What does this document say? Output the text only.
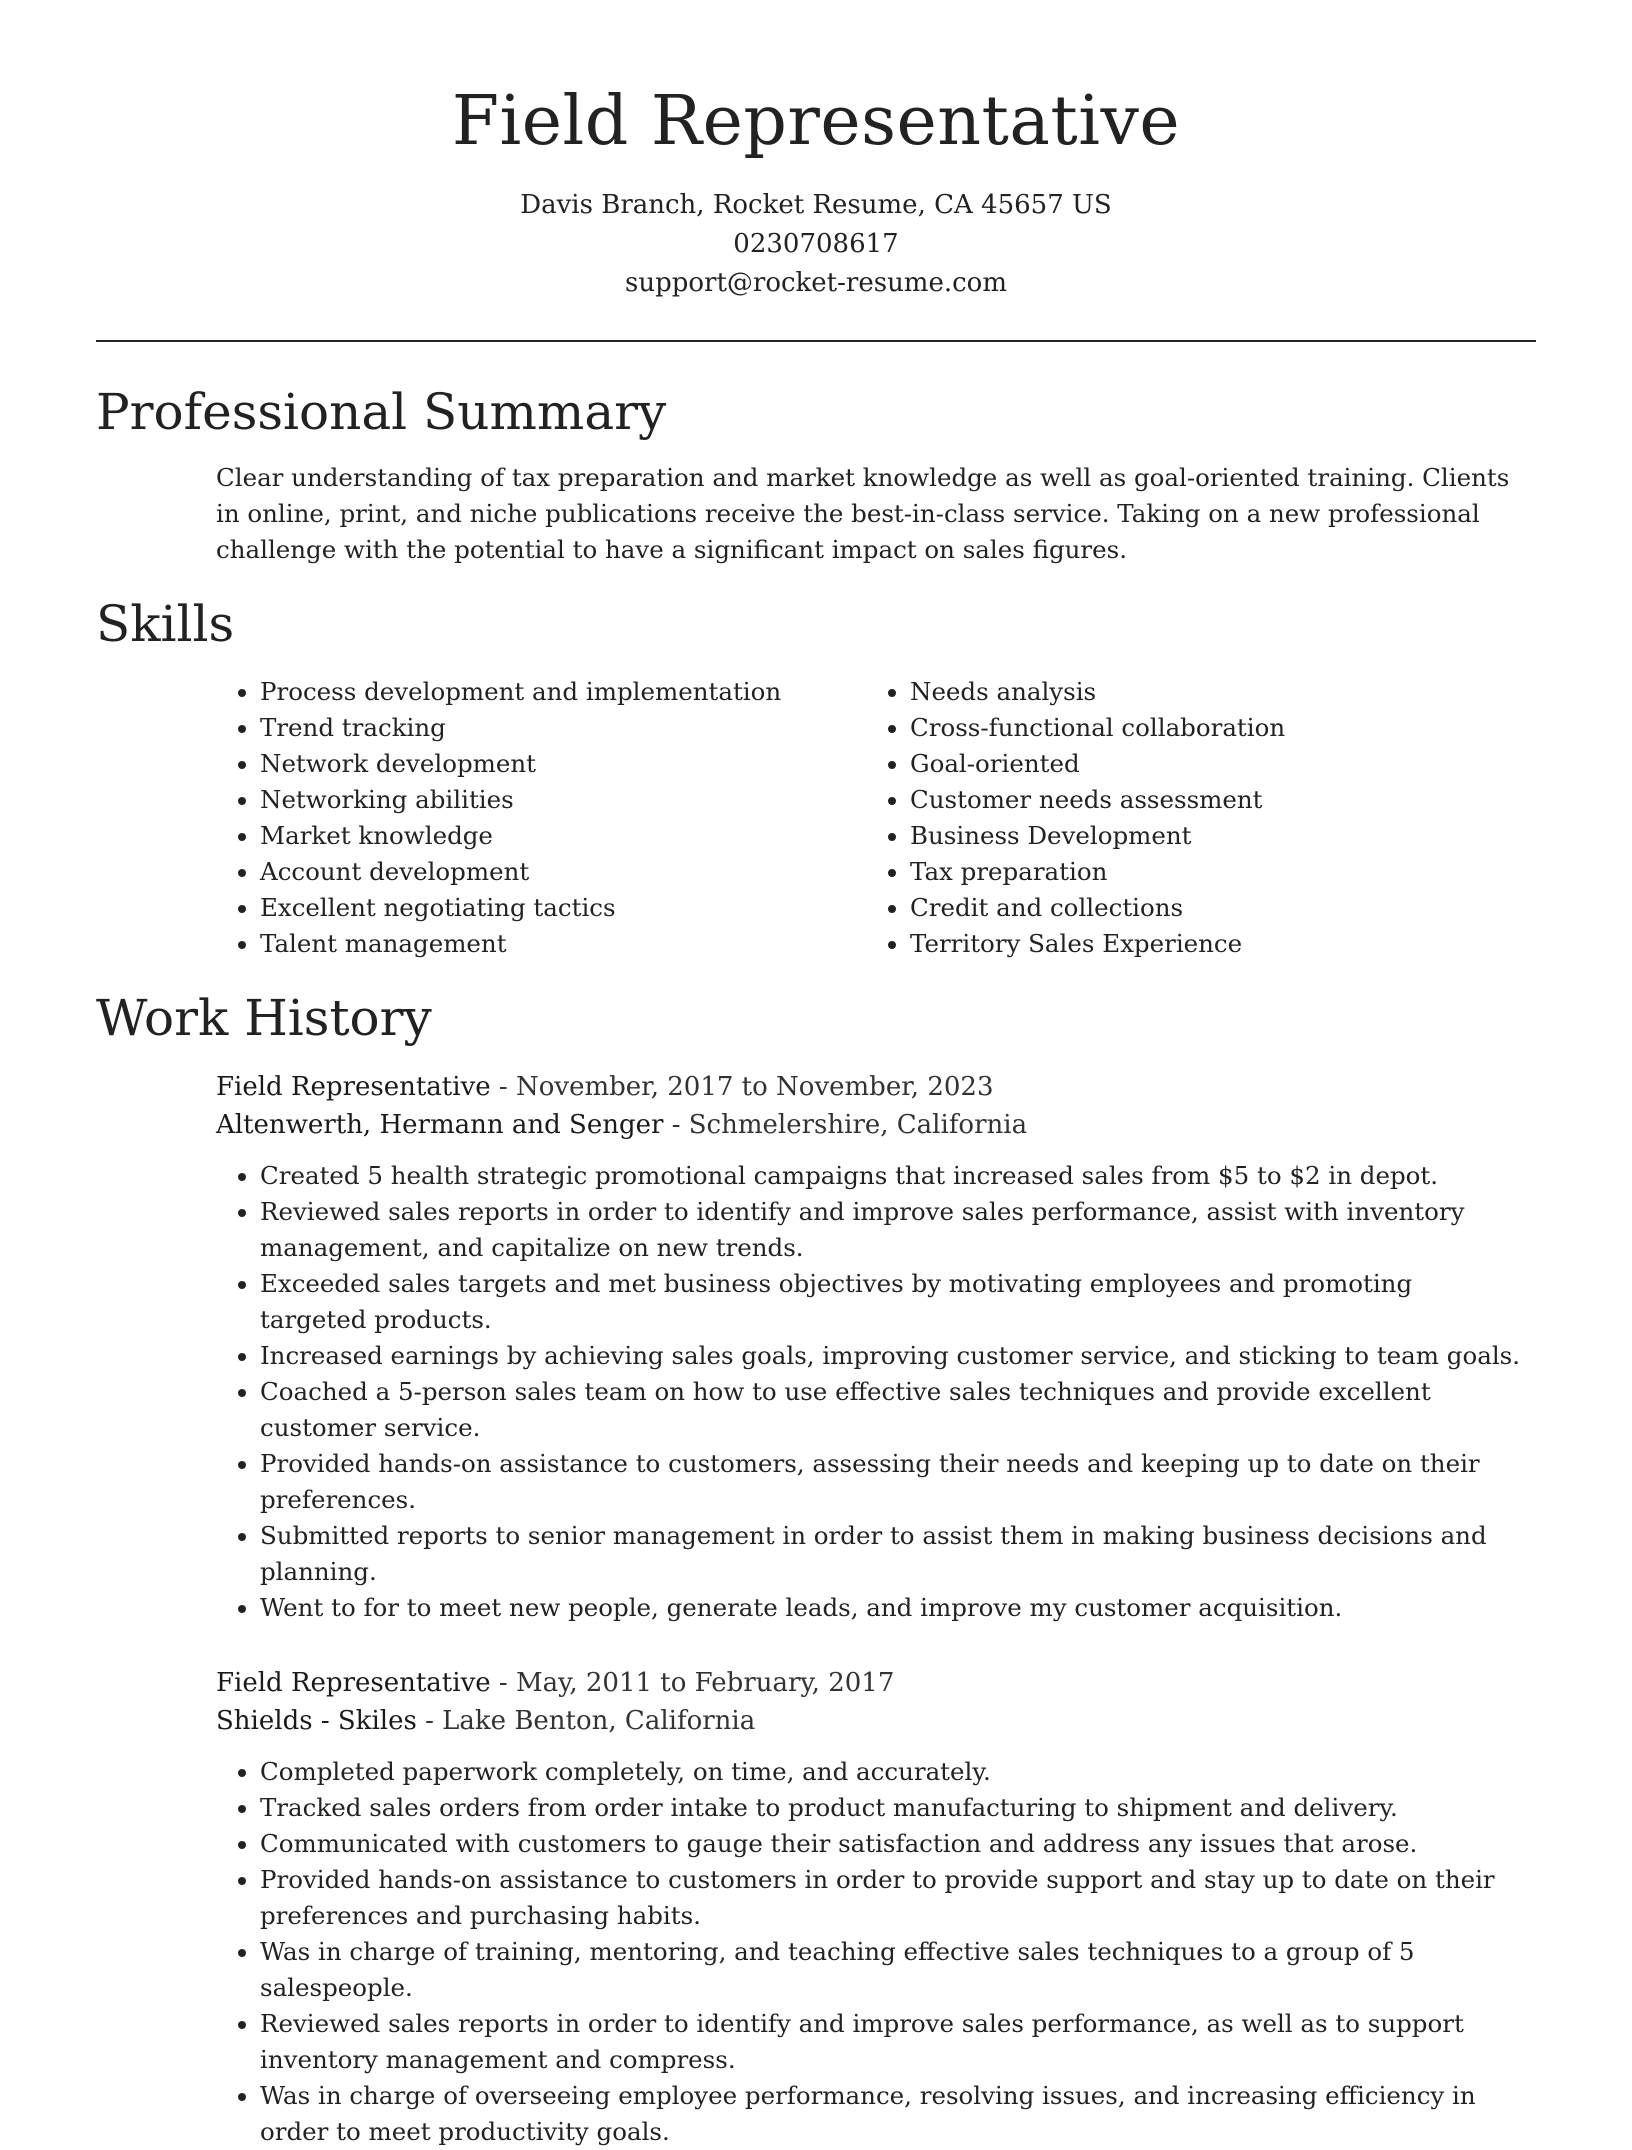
Field Representative
Davis Branch, Rocket Resume, CA 45657 US
0230708617
support@rocket-resume.com
Professional Summary
Clear understanding of tax preparation and market knowledge as well as goal-oriented training. Clients in online, print, and niche publications receive the best-in-class service. Taking on a new professional challenge with the potential to have a significant impact on sales figures.
Skills
• Process development and implementation
• Trend tracking
• Network development
• Networking abilities
• Market knowledge
• Account development
• Excellent negotiating tactics
• Talent management
• Needs analysis
• Cross-functional collaboration
• Goal-oriented
• Customer needs assessment
• Business Development
• Tax preparation
• Credit and collections
• Territory Sales Experience
Work History
Field Representative - November, 2017 to November, 2023
Altenwerth, Hermann and Senger - Schmelershire, California
• Created 5 health strategic promotional campaigns that increased sales from $5 to $2 in depot.
• Reviewed sales reports in order to identify and improve sales performance, assist with inventory management, and capitalize on new trends.
• Exceeded sales targets and met business objectives by motivating employees and promoting targeted products.
• Increased earnings by achieving sales goals, improving customer service, and sticking to team goals.
• Coached a 5-person sales team on how to use effective sales techniques and provide excellent customer service.
• Provided hands-on assistance to customers, assessing their needs and keeping up to date on their preferences.
• Submitted reports to senior management in order to assist them in making business decisions and planning.
• Went to for to meet new people, generate leads, and improve my customer acquisition.
Field Representative - May, 2011 to February, 2017
Shields - Skiles - Lake Benton, California
• Completed paperwork completely, on time, and accurately.
• Tracked sales orders from order intake to product manufacturing to shipment and delivery.
• Communicated with customers to gauge their satisfaction and address any issues that arose.
• Provided hands-on assistance to customers in order to provide support and stay up to date on their preferences and purchasing habits.
• Was in charge of training, mentoring, and teaching effective sales techniques to a group of 5 salespeople.
• Reviewed sales reports in order to identify and improve sales performance, as well as to support inventory management and compress.
• Was in charge of overseeing employee performance, resolving issues, and increasing efficiency in order to meet productivity goals.
